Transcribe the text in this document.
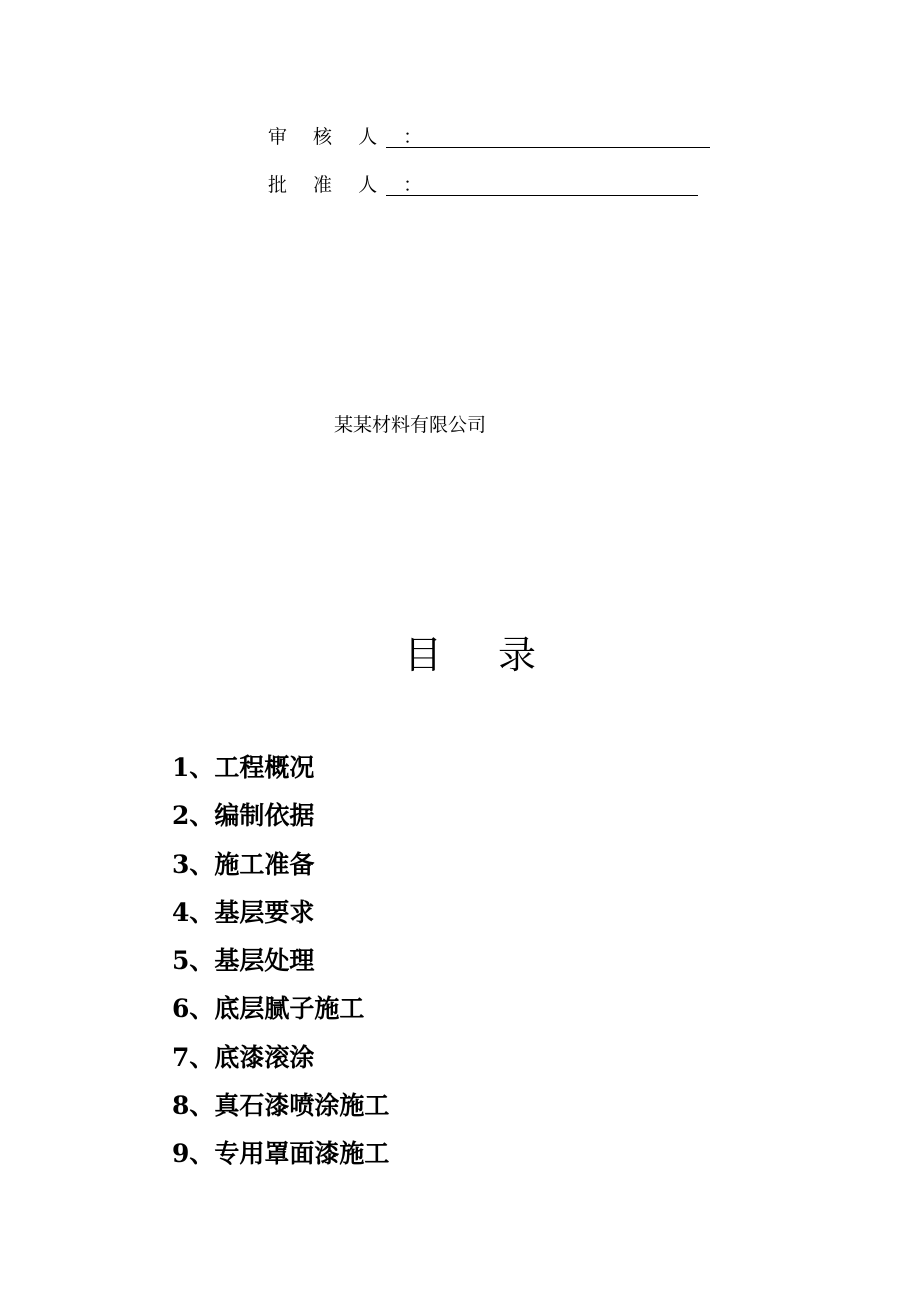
审 核 人 ：
批 准 人 ：
某某材料有限公司
目 录
1、工程概况
2、编制依据
3、施工准备
4、基层要求
5、基层处理
6、底层腻子施工
7、底漆滚涂
8、真石漆喷涂施工
9、专用罩面漆施工
